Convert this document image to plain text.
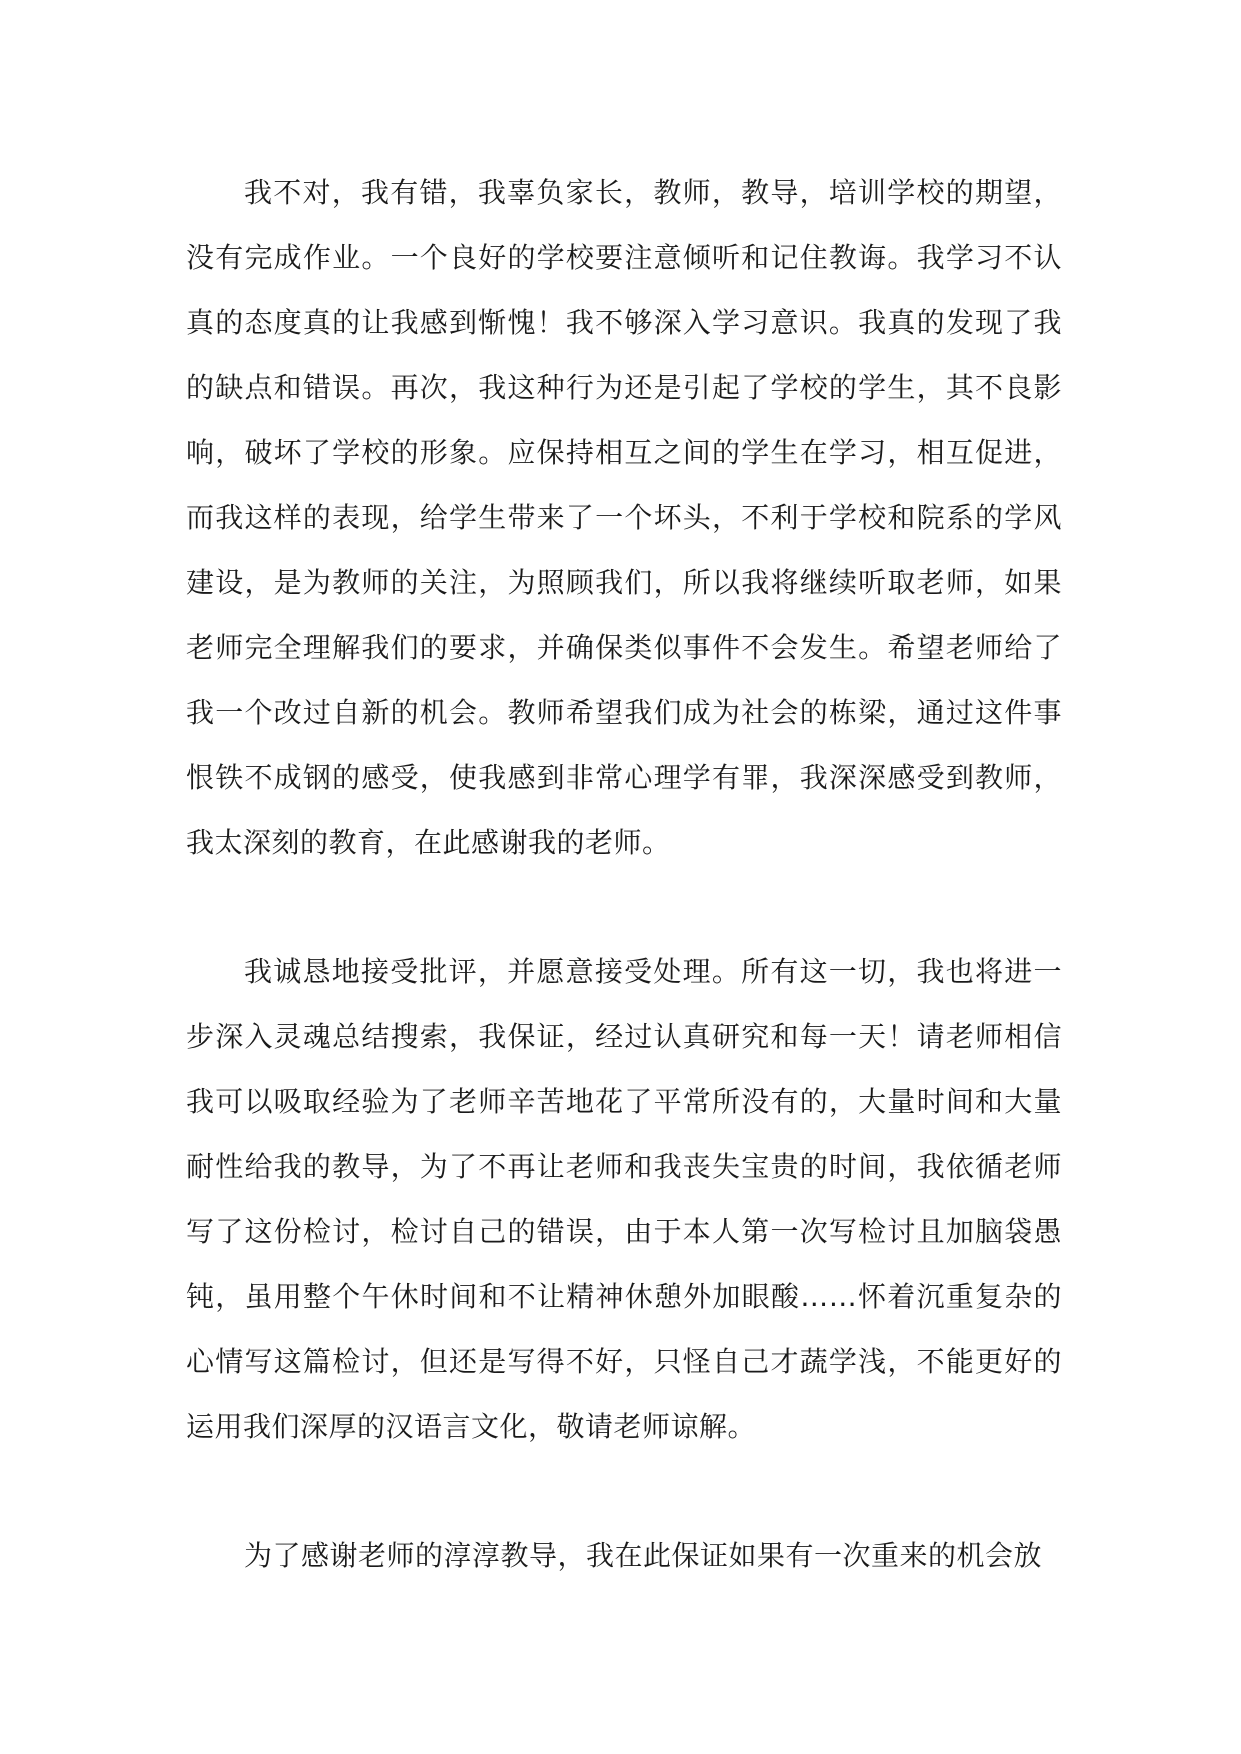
我不对，我有错，我辜负家长，教师，教导，培训学校的期望，没有完成作业。一个良好的学校要注意倾听和记住教诲。我学习不认真的态度真的让我感到惭愧！我不够深入学习意识。我真的发现了我的缺点和错误。再次，我这种行为还是引起了学校的学生，其不良影响，破坏了学校的形象。应保持相互之间的学生在学习，相互促进，而我这样的表现，给学生带来了一个坏头，不利于学校和院系的学风建设，是为教师的关注，为照顾我们，所以我将继续听取老师，如果老师完全理解我们的要求，并确保类似事件不会发生。希望老师给了我一个改过自新的机会。教师希望我们成为社会的栋梁，通过这件事恨铁不成钢的感受，使我感到非常心理学有罪，我深深感受到教师，我太深刻的教育，在此感谢我的老师。

我诚恳地接受批评，并愿意接受处理。所有这一切，我也将进一步深入灵魂总结搜索，我保证，经过认真研究和每一天！请老师相信我可以吸取经验为了老师辛苦地花了平常所没有的，大量时间和大量耐性给我的教导，为了不再让老师和我丧失宝贵的时间，我依循老师写了这份检讨，检讨自己的错误，由于本人第一次写检讨且加脑袋愚钝，虽用整个午休时间和不让精神休憩外加眼酸……怀着沉重复杂的心情写这篇检讨，但还是写得不好，只怪自己才蔬学浅，不能更好的运用我们深厚的汉语言文化，敬请老师谅解。

为了感谢老师的淳淳教导，我在此保证如果有一次重来的机会放
